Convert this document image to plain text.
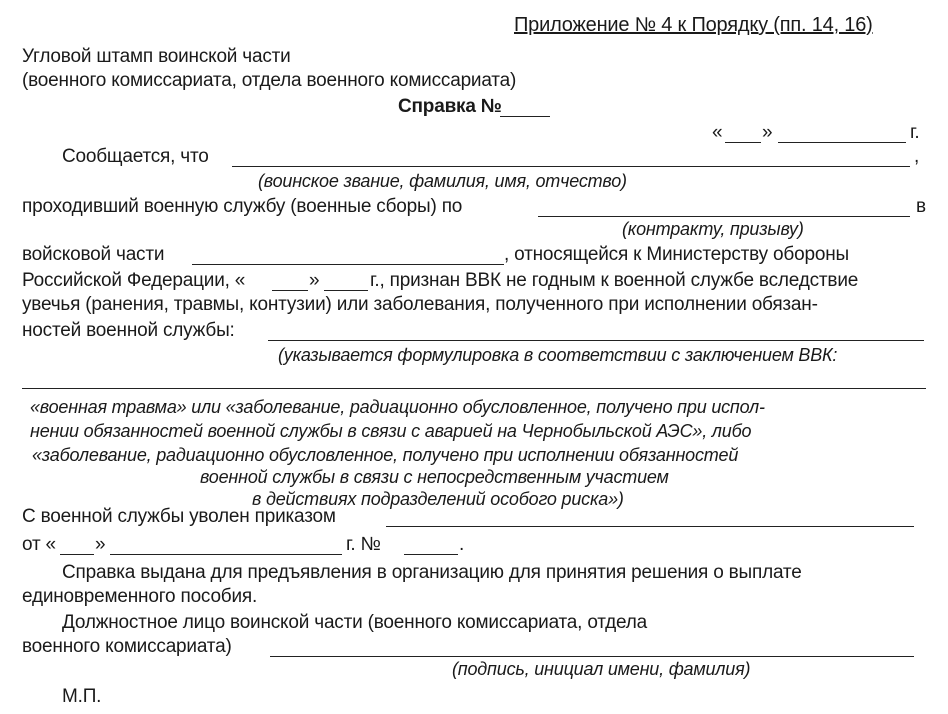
Приложение № 4 к Порядку (пп. 14, 16)
Угловой штамп воинской части
(военного комиссариата, отдела военного комиссариата)
Справка №
« »	г.
Сообщается, что	,
(воинское звание, фамилия, имя, отчество)
проходивший военную службу (военные сборы) по	в
(контракту, призыву)
войсковой части	, относящейся к Министерству обороны
Российской Федерации, «	»	г., признан ВВК не годным к военной службе вследствие
увечья (ранения, травмы, контузии) или заболевания, полученного при исполнении обязан-
ностей военной службы:
(указывается формулировка в соответствии с заключением ВВК:
«военная травма» или «заболевание, радиационно обусловленное, получено при испол-
нении обязанностей военной службы в связи с аварией на Чернобыльской АЭС», либо
«заболевание, радиационно обусловленное, получено при исполнении обязанностей
военной службы в связи с непосредственным участием
в действиях подразделений особого риска»)
С военной службы уволен приказом
от « »	г. №	.
Справка выдана для предъявления в организацию для принятия решения о выплате
единовременного пособия.
Должностное лицо воинской части (военного комиссариата, отдела
военного комиссариата)
(подпись, инициал имени, фамилия)
М.П.
